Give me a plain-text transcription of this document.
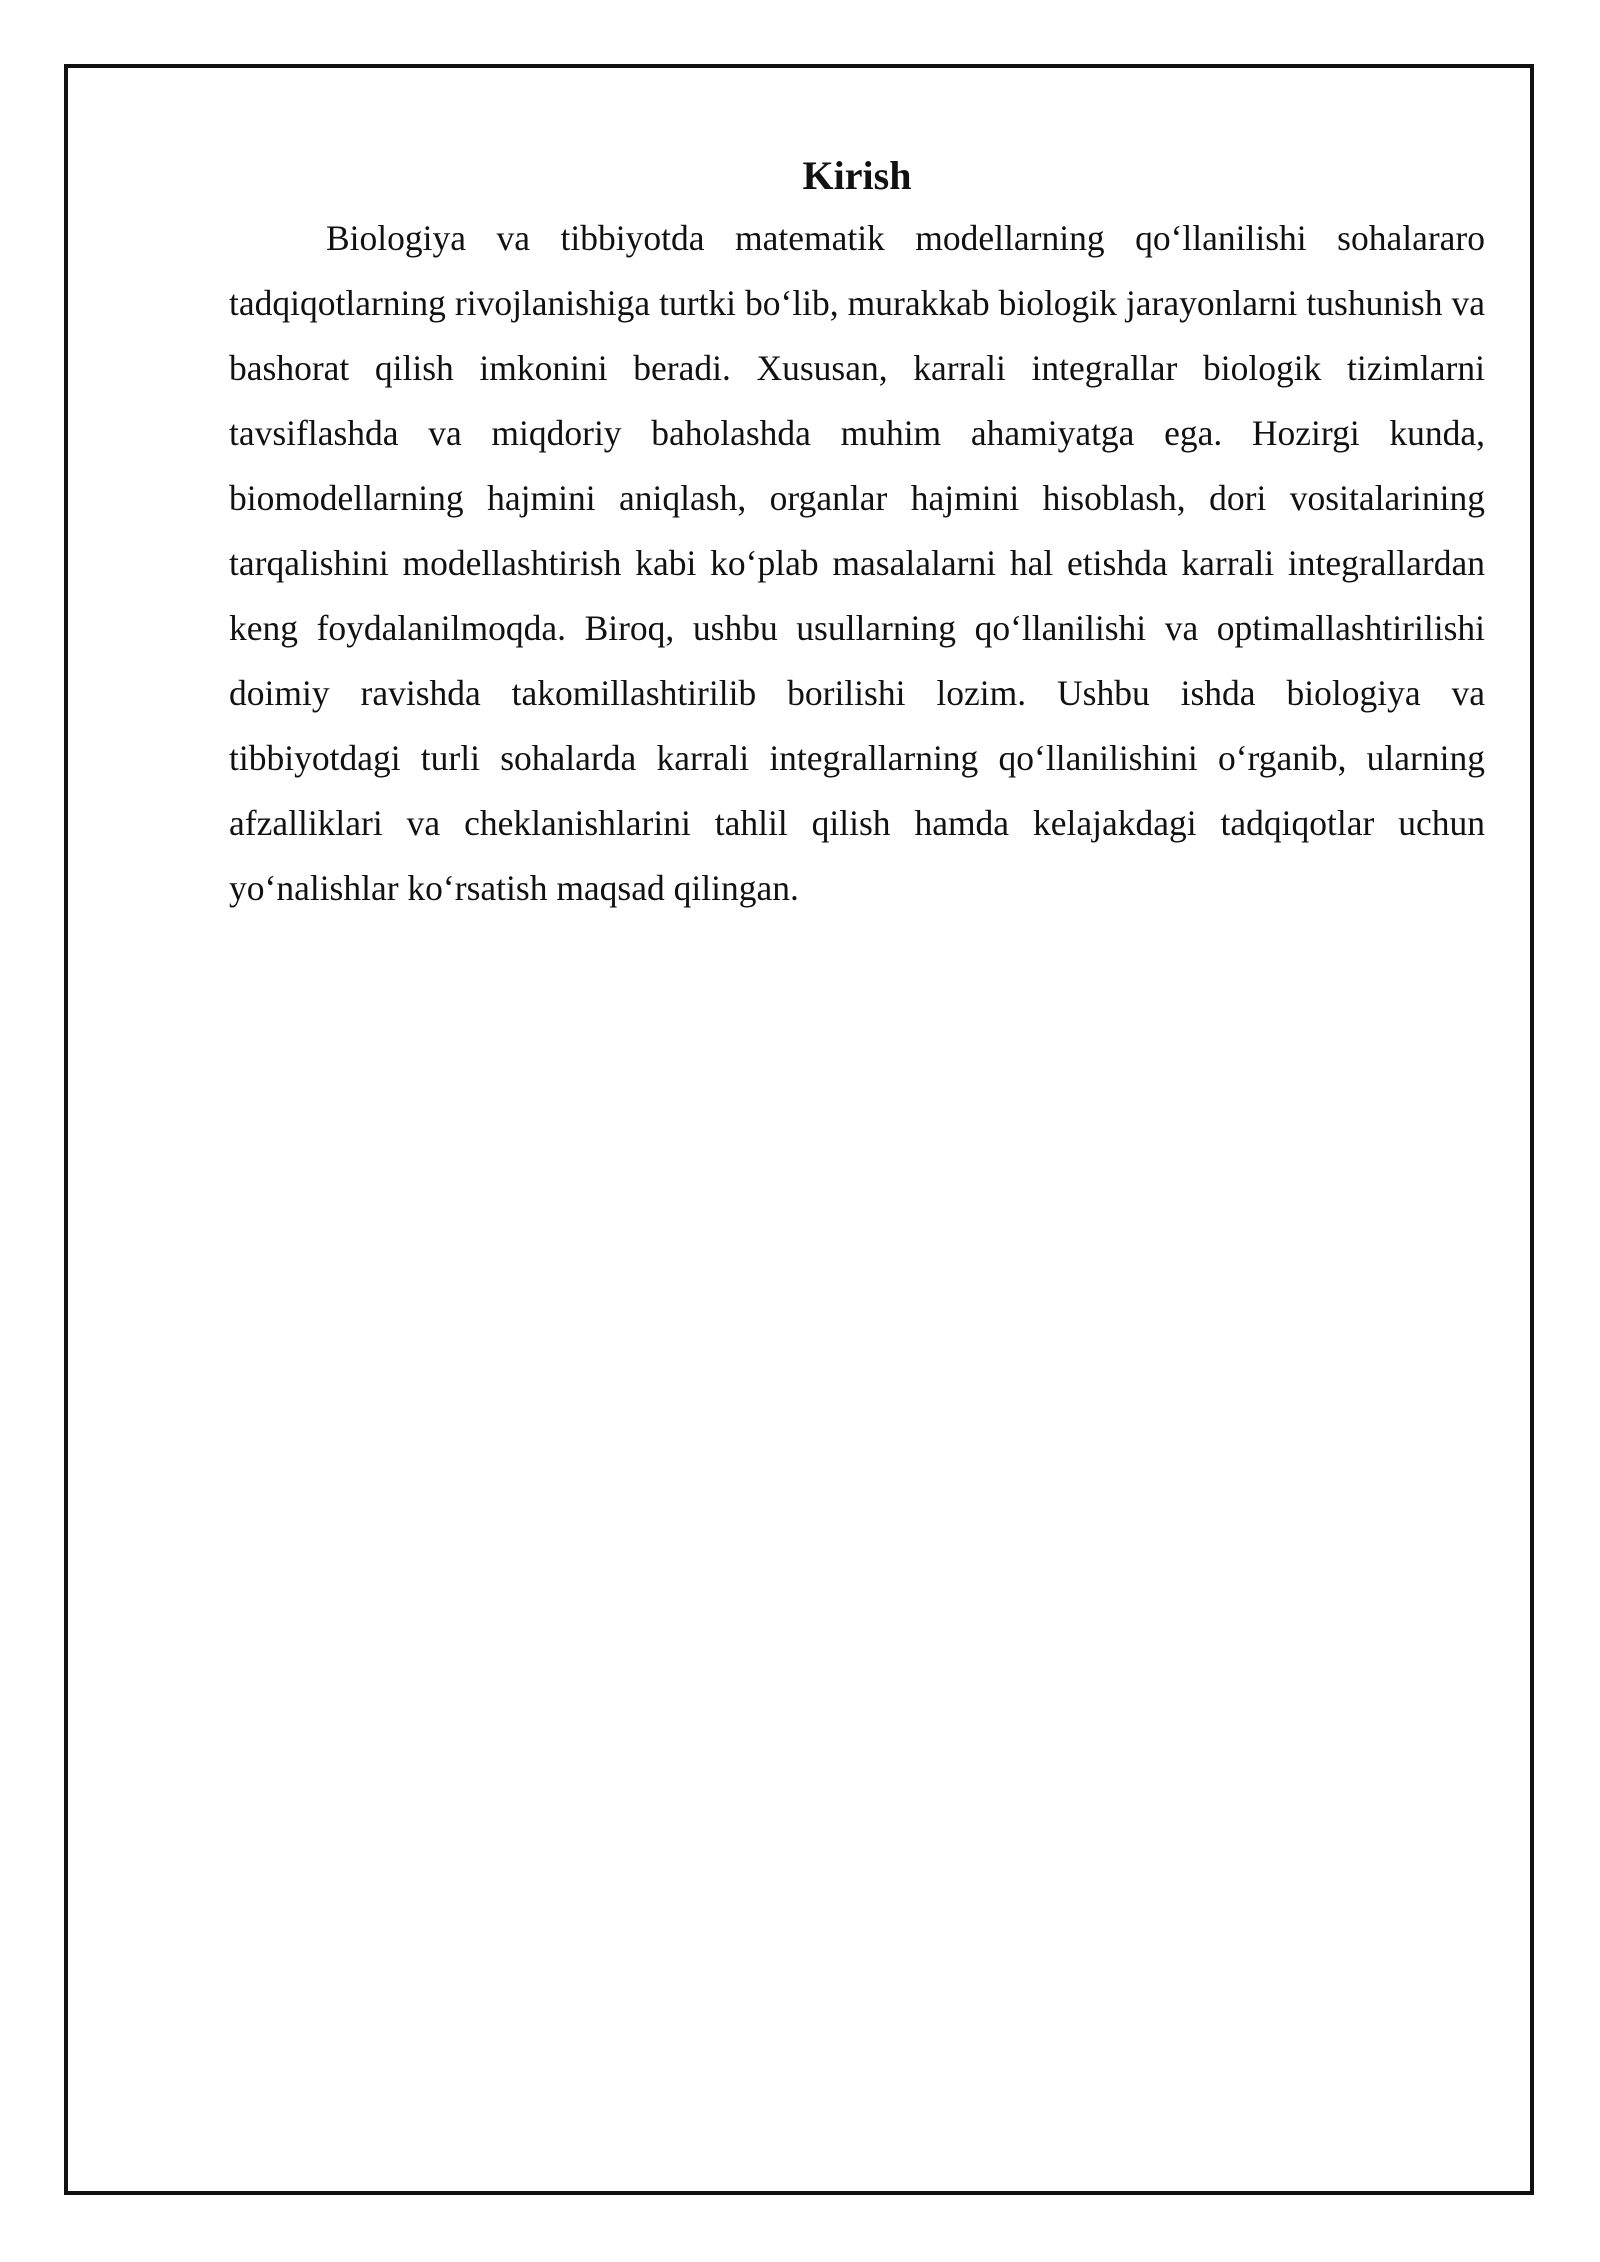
Kirish

Biologiya va tibbiyotda matematik modellarning qo‘llanilishi sohalararo tadqiqotlarning rivojlanishiga turtki bo‘lib, murakkab biologik jarayonlarni tushunish va bashorat qilish imkonini beradi. Xususan, karrali integrallar biologik tizimlarni tavsiflashda va miqdoriy baholashda muhim ahamiyatga ega. Hozirgi kunda, biomodellarning hajmini aniqlash, organlar hajmini hisoblash, dori vositalarining tarqalishini modellashtirish kabi ko‘plab masalalarni hal etishda karrali integrallardan keng foydalanilmoqda. Biroq, ushbu usullarning qo‘llanilishi va optimallashtirilishi doimiy ravishda takomillashtirilib borilishi lozim. Ushbu ishda biologiya va tibbiyotdagi turli sohalarda karrali integrallarning qo‘llanilishini o‘rganib, ularning afzalliklari va cheklanishlarini tahlil qilish hamda kelajakdagi tadqiqotlar uchun yo‘nalishlar ko‘rsatish maqsad qilingan.
